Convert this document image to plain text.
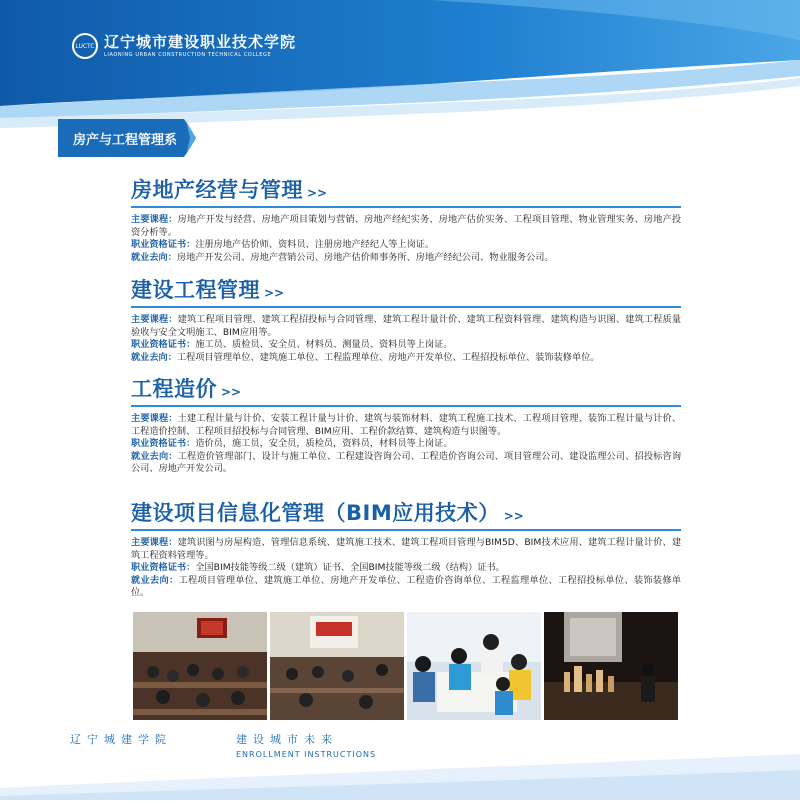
LUCTC 辽宁城市建设职业技术学院
LIAONING URBAN CONSTRUCTION TECHNICAL COLLEGE
房产与工程管理系
房地产经营与管理 >>
主要课程：房地产开发与经营、房地产项目策划与营销、房地产经纪实务、房地产估价实务、工程项目管理、物业管理实务、房地产投资分析等。
职业资格证书：注册房地产估价师、资料员、注册房地产经纪人等上岗证。
就业去向：房地产开发公司、房地产营销公司、房地产估价师事务所、房地产经纪公司、物业服务公司。
建设工程管理 >>
主要课程：建筑工程项目管理、建筑工程招投标与合同管理、建筑工程计量计价、建筑工程资料管理、建筑构造与识图、建筑工程质量验收与安全文明施工、BIM应用等。
职业资格证书：施工员、质检员、安全员、材料员、测量员、资料员等上岗证。
就业去向：工程项目管理单位、建筑施工单位、工程监理单位、房地产开发单位、工程招投标单位、装饰装修单位。
工程造价 >>
主要课程：土建工程计量与计价、安装工程计量与计价、建筑与装饰材料、建筑工程施工技术、工程项目管理、装饰工程计量与计价、工程造价控制、工程项目招投标与合同管理、BIM应用、工程价款结算、建筑构造与识图等。
职业资格证书：造价员，施工员，安全员，质检员，资料员，材料员等上岗证。
就业去向：工程造价管理部门、设计与施工单位、工程建设咨询公司、工程造价咨询公司、项目管理公司、建设监理公司、招投标咨询公司、房地产开发公司。
建设项目信息化管理（BIM应用技术） >>
主要课程：建筑识图与房屋构造、管理信息系统、建筑施工技术、建筑工程项目管理与BIM5D、BIM技术应用、建筑工程计量计价、建筑工程资料管理等。
职业资格证书：全国BIM技能等级二级（建筑）证书、全国BIM技能等级二级（结构）证书。
就业去向：工程项目管理单位、建筑施工单位、房地产开发单位、工程造价咨询单位、工程监理单位、工程招投标单位、装饰装修单位。
辽宁城建学院	建设城市未来
ENROLLMENT INSTRUCTIONS
